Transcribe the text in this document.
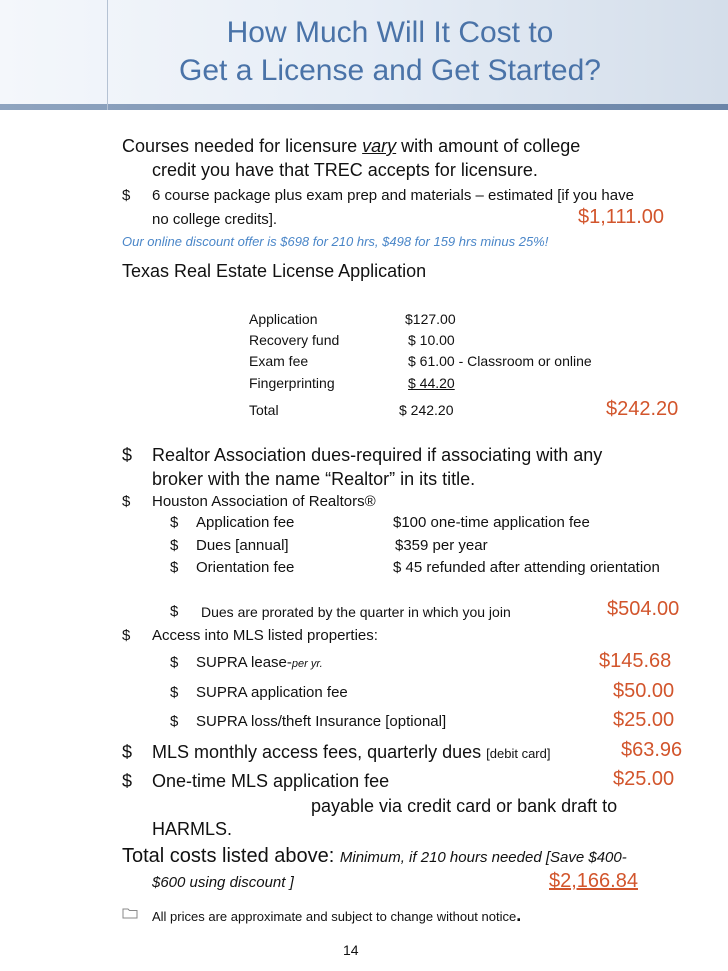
How Much Will It Cost to
Get a License and Get Started?
Courses needed for licensure vary with amount of college
credit you have that TREC accepts for licensure.
$ 6 course package plus exam prep and materials – estimated [if you have
no college credits].	$1,111.00
Our online discount offer is $698 for 210 hrs, $498 for 159 hrs minus 25%!
Texas Real Estate License Application
Application	$127.00
Recovery fund	$ 10.00
Exam fee	$ 61.00 - Classroom or online
Fingerprinting	$ 44.20
Total	$ 242.20	$242.20
$ Realtor Association dues-required if associating with any
broker with the name “Realtor” in its title.
$ Houston Association of Realtors®
$ Application fee	$100 one-time application fee
$ Dues [annual]	$359 per year
$ Orientation fee	$ 45 refunded after attending orientation
$ Dues are prorated by the quarter in which you join	$504.00
$ Access into MLS listed properties:
$ SUPRA lease-per yr.	$145.68
$ SUPRA application fee	$50.00
$ SUPRA loss/theft Insurance [optional]	$25.00
$ MLS monthly access fees, quarterly dues [debit card]	$63.96
$ One-time MLS application fee	$25.00
payable via credit card or bank draft to
HARMLS.
Total costs listed above: Minimum, if 210 hours needed [Save $400-
$600 using discount ]	$2,166.84
All prices are approximate and subject to change without notice.
14
